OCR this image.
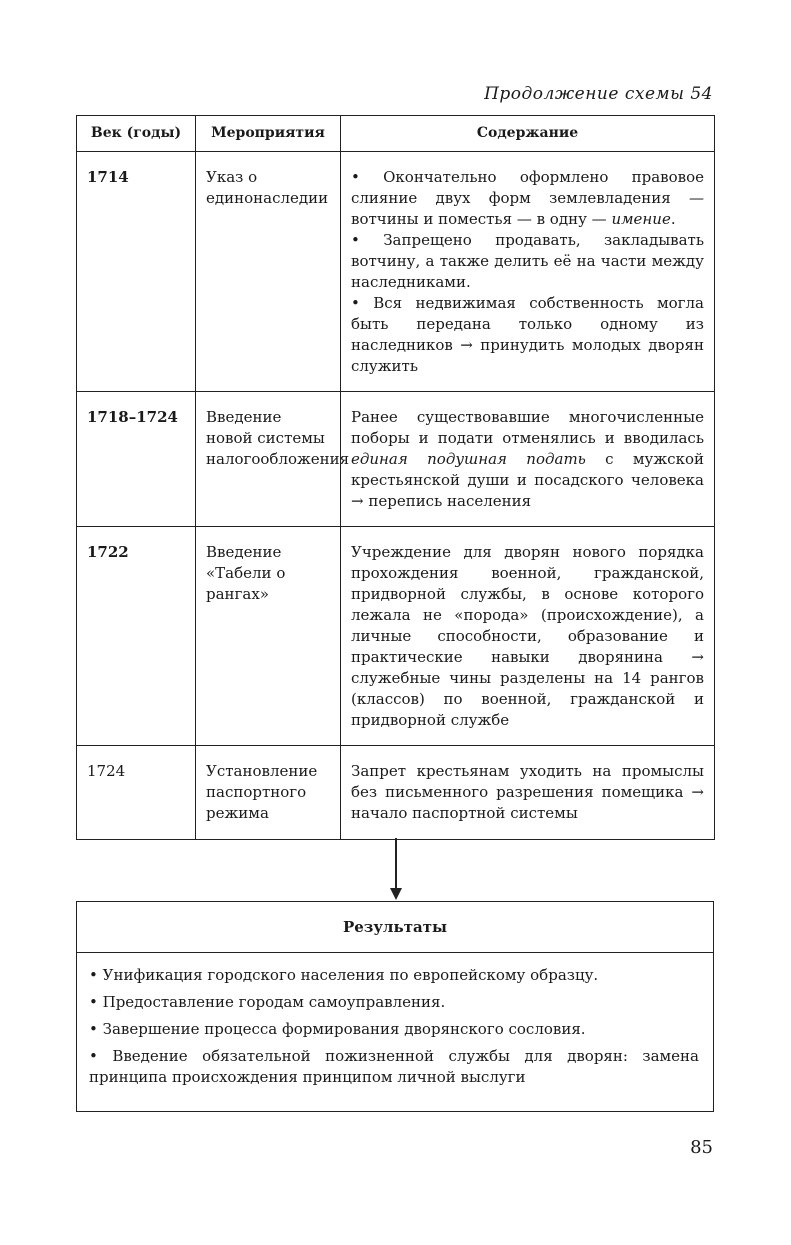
Продолжение схемы 54
Век (годы)	Мероприятия	Содержание
1714	Указ о единонаследии	• Окончательно оформлено правовое слияние двух форм землевладения — вотчины и поместья — в одну — имение.
• Запрещено продавать, закладывать вотчину, а также делить её на части между наследниками.
• Вся недвижимая собственность могла быть передана только одному из наследников → принудить молодых дворян служить
1718–1724	Введение новой системы налогообложения	Ранее существовавшие многочисленные поборы и подати отменялись и вводилась единая подушная подать с мужской крестьянской души и посадского человека → перепись населения
1722	Введение «Табели о рангах»	Учреждение для дворян нового порядка прохождения военной, гражданской, придворной службы, в основе которого лежала не «порода» (происхождение), а личные способности, образование и практические навыки дворянина → служебные чины разделены на 14 рангов (классов) по военной, гражданской и придворной службе
1724	Установление паспортного режима	Запрет крестьянам уходить на промыслы без письменного разрешения помещика → начало паспортной системы
Результаты
• Унификация городского населения по европейскому образцу.
• Предоставление городам самоуправления.
• Завершение процесса формирования дворянского сословия.
• Введение обязательной пожизненной службы для дворян: замена принципа происхождения принципом личной выслуги
85
